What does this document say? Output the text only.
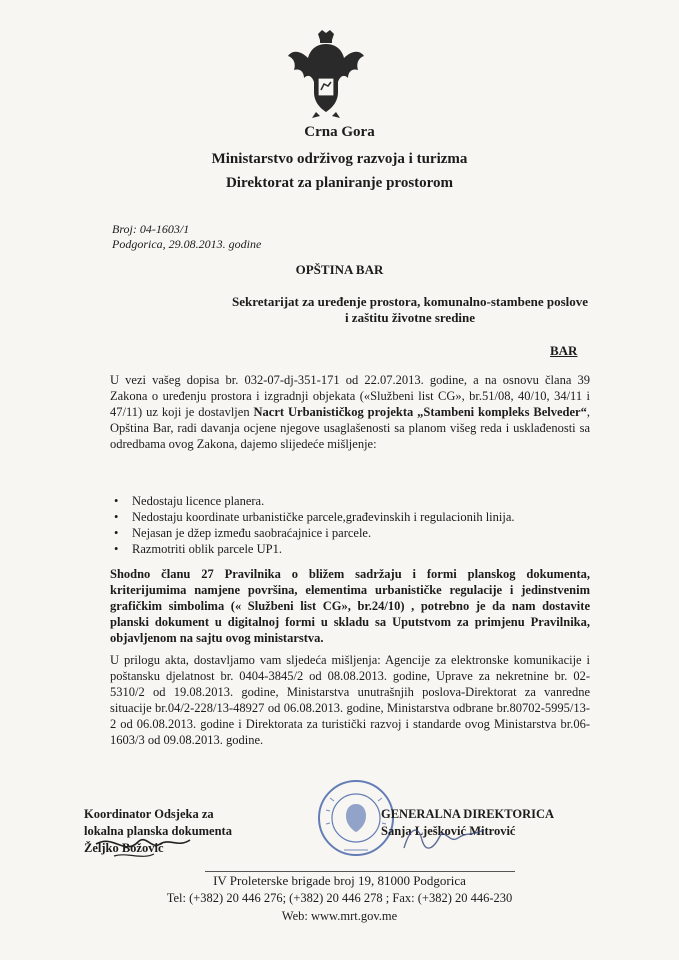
Crna Gora
Ministarstvo održivog razvoja i turizma
Direktorat za planiranje prostorom
Broj: 04-1603/1
Podgorica, 29.08.2013. godine
OPŠTINA BAR
Sekretarijat za uređenje prostora, komunalno-stambene poslove
i zaštitu životne sredine
BAR
U vezi vašeg dopisa br. 032-07-dj-351-171 od 22.07.2013. godine, a na osnovu člana 39 Zakona o uređenju prostora i izgradnji objekata («Službeni list CG», br.51/08, 40/10, 34/11 i 47/11) uz koji je dostavljen Nacrt Urbanističkog projekta „Stambeni kompleks Belveder“, Opština Bar, radi davanja ocjene njegove usaglašenosti sa planom višeg reda i usklađenosti sa odredbama ovog Zakona, dajemo slijedeće mišljenje:
• Nedostaju licence planera.
• Nedostaju koordinate urbanističke parcele,građevinskih i regulacionih linija.
• Nejasan je džep između saobraćajnice i parcele.
• Razmotriti oblik parcele UP1.
Shodno članu 27 Pravilnika o bližem sadržaju i formi planskog dokumenta, kriterijumima namjene površina, elementima urbanističke regulacije i jedinstvenim grafičkim simbolima (« Službeni list CG», br.24/10) , potrebno je da nam dostavite planski dokument u digitalnoj formi u skladu sa Uputstvom za primjenu Pravilnika, objavljenom na sajtu ovog ministarstva.
U prilogu akta, dostavljamo vam sljedeća mišljenja: Agencije za elektronske komunikacije i poštansku djelatnost br. 0404-3845/2 od 08.08.2013. godine, Uprave za nekretnine br. 02-5310/2 od 19.08.2013. godine, Ministarstva unutrašnjih poslova-Direktorat za vanredne situacije br.04/2-228/13-48927 od 06.08.2013. godine, Ministarstva odbrane br.80702-5995/13-2 od 06.08.2013. godine i Direktorata za turistički razvoj i standarde ovog Ministarstva br.06-1603/3 od 09.08.2013. godine.
Koordinator Odsjeka za
lokalna planska dokumenta
Željko Božović
GENERALNA DIREKTORICA
Sanja Lješković Mitrović
IV Proleterske brigade broj 19, 81000 Podgorica
Tel: (+382) 20 446 276; (+382) 20 446 278 ; Fax: (+382) 20 446-230
Web: www.mrt.gov.me
